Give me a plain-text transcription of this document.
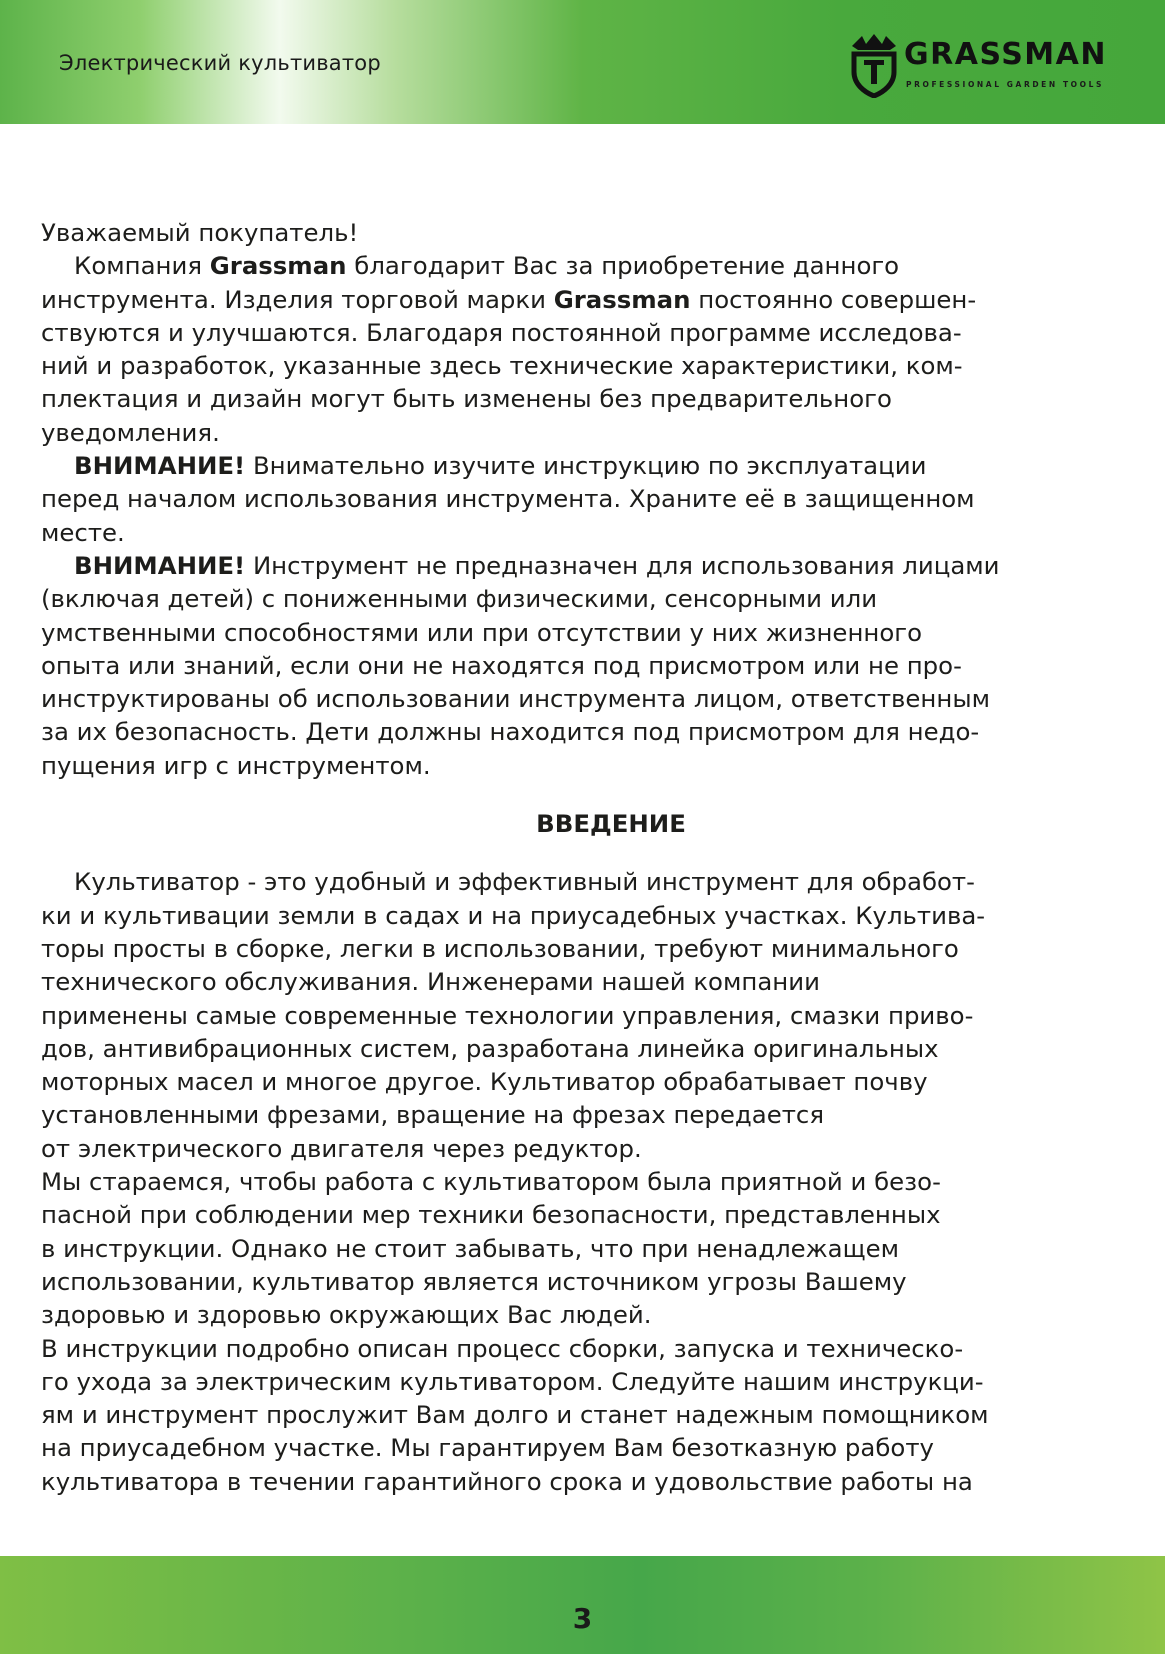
Электрический культиватор	GRASSMAN
PROFESSIONAL GARDEN TOOLS

Уважаемый покупатель!

Компания Grassman благодарит Вас за приобретение данного

инструмента. Изделия торговой марки Grassman постоянно совершен-

ствуются и улучшаются. Благодаря постоянной программе исследова-

ний и разработок, указанные здесь технические характеристики, ком-

плектация и дизайн могут быть изменены без предварительного

уведомления.

ВНИМАНИЕ! Внимательно изучите инструкцию по эксплуатации

перед началом использования инструмента. Храните её в защищенном

месте.

ВНИМАНИЕ! Инструмент не предназначен для использования лицами

(включая детей) с пониженными физическими, сенсорными или

умственными способностями или при отсутствии у них жизненного

опыта или знаний, если они не находятся под присмотром или не про-

инструктированы об использовании инструмента лицом, ответственным

за их безопасность. Дети должны находится под присмотром для недо-

пущения игр с инструментом.

ВВЕДЕНИЕ

Культиватор - это удобный и эффективный инструмент для обработ-

ки и культивации земли в садах и на приусадебных участках. Культива-

торы просты в сборке, легки в использовании, требуют минимального

технического обслуживания. Инженерами нашей компании

применены самые современные технологии управления, смазки приво-

дов, антивибрационных систем, разработана линейка оригинальных

моторных масел и многое другое. Культиватор обрабатывает почву

установленными фрезами, вращение на фрезах передается

от электрического двигателя через редуктор.

Мы стараемся, чтобы работа с культиватором была приятной и безо-

пасной при соблюдении мер техники безопасности, представленных

в инструкции. Однако не стоит забывать, что при ненадлежащем

использовании, культиватор является источником угрозы Вашему

здоровью и здоровью окружающих Вас людей.

В инструкции подробно описан процесс сборки, запуска и техническо-

го ухода за электрическим культиватором. Следуйте нашим инструкци-

ям и инструмент прослужит Вам долго и станет надежным помощником

на приусадебном участке. Мы гарантируем Вам безотказную работу

культиватора в течении гарантийного срока и удовольствие работы на

3
